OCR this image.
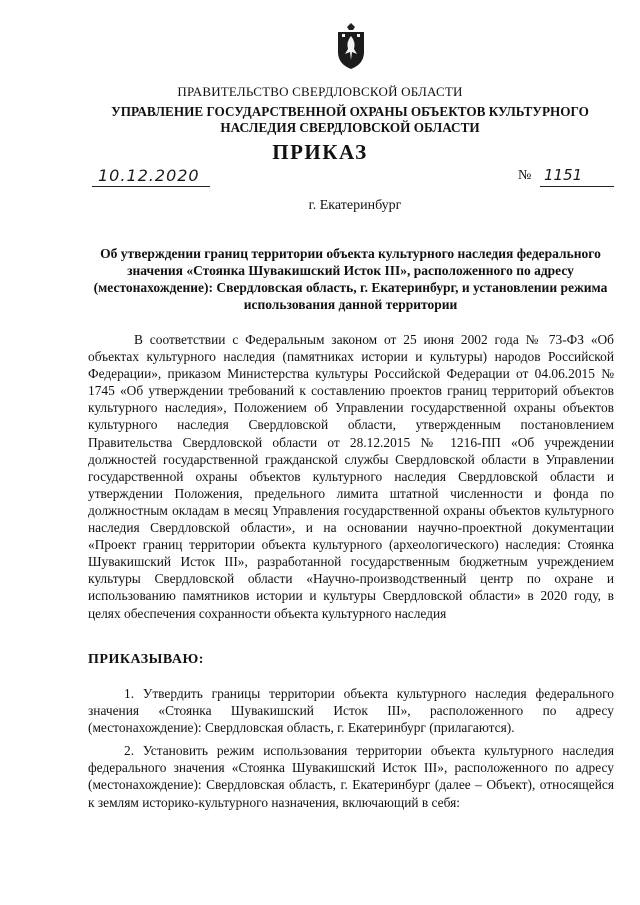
ПРАВИТЕЛЬСТВО СВЕРДЛОВСКОЙ ОБЛАСТИ
УПРАВЛЕНИЕ ГОСУДАРСТВЕННОЙ ОХРАНЫ ОБЪЕКТОВ КУЛЬТУРНОГО НАСЛЕДИЯ СВЕРДЛОВСКОЙ ОБЛАСТИ
ПРИКАЗ
10.12.2020	№ 1151
г. Екатеринбург
Об утверждении границ территории объекта культурного наследия федерального значения «Стоянка Шувакишский Исток III», расположенного по адресу (местонахождение): Свердловская область, г. Екатеринбург, и установлении режима использования данной территории

В соответствии с Федеральным законом от 25 июня 2002 года № 73-ФЗ «Об объектах культурного наследия (памятниках истории и культуры) народов Российской Федерации», приказом Министерства культуры Российской Федерации от 04.06.2015 № 1745 «Об утверждении требований к составлению проектов границ территорий объектов культурного наследия», Положением об Управлении государственной охраны объектов культурного наследия Свердловской области, утвержденным постановлением Правительства Свердловской области от 28.12.2015 № 1216-ПП «Об учреждении должностей государственной гражданской службы Свердловской области в Управлении государственной охраны объектов культурного наследия Свердловской области и утверждении Положения, предельного лимита штатной численности и фонда по должностным окладам в месяц Управления государственной охраны объектов культурного наследия Свердловской области», и на основании научно-проектной документации «Проект границ территории объекта культурного (археологического) наследия: Стоянка Шувакишский Исток III», разработанной государственным бюджетным учреждением культуры Свердловской области «Научно-производственный центр по охране и использованию памятников истории и культуры Свердловской области» в 2020 году, в целях обеспечения сохранности объекта культурного наследия

ПРИКАЗЫВАЮ:

1. Утвердить границы территории объекта культурного наследия федерального значения «Стоянка Шувакишский Исток III», расположенного по адресу (местонахождение): Свердловская область, г. Екатеринбург (прилагаются).

2. Установить режим использования территории объекта культурного наследия федерального значения «Стоянка Шувакишский Исток III», расположенного по адресу (местонахождение): Свердловская область, г. Екатеринбург (далее – Объект), относящейся к землям историко-культурного назначения, включающий в себя:
